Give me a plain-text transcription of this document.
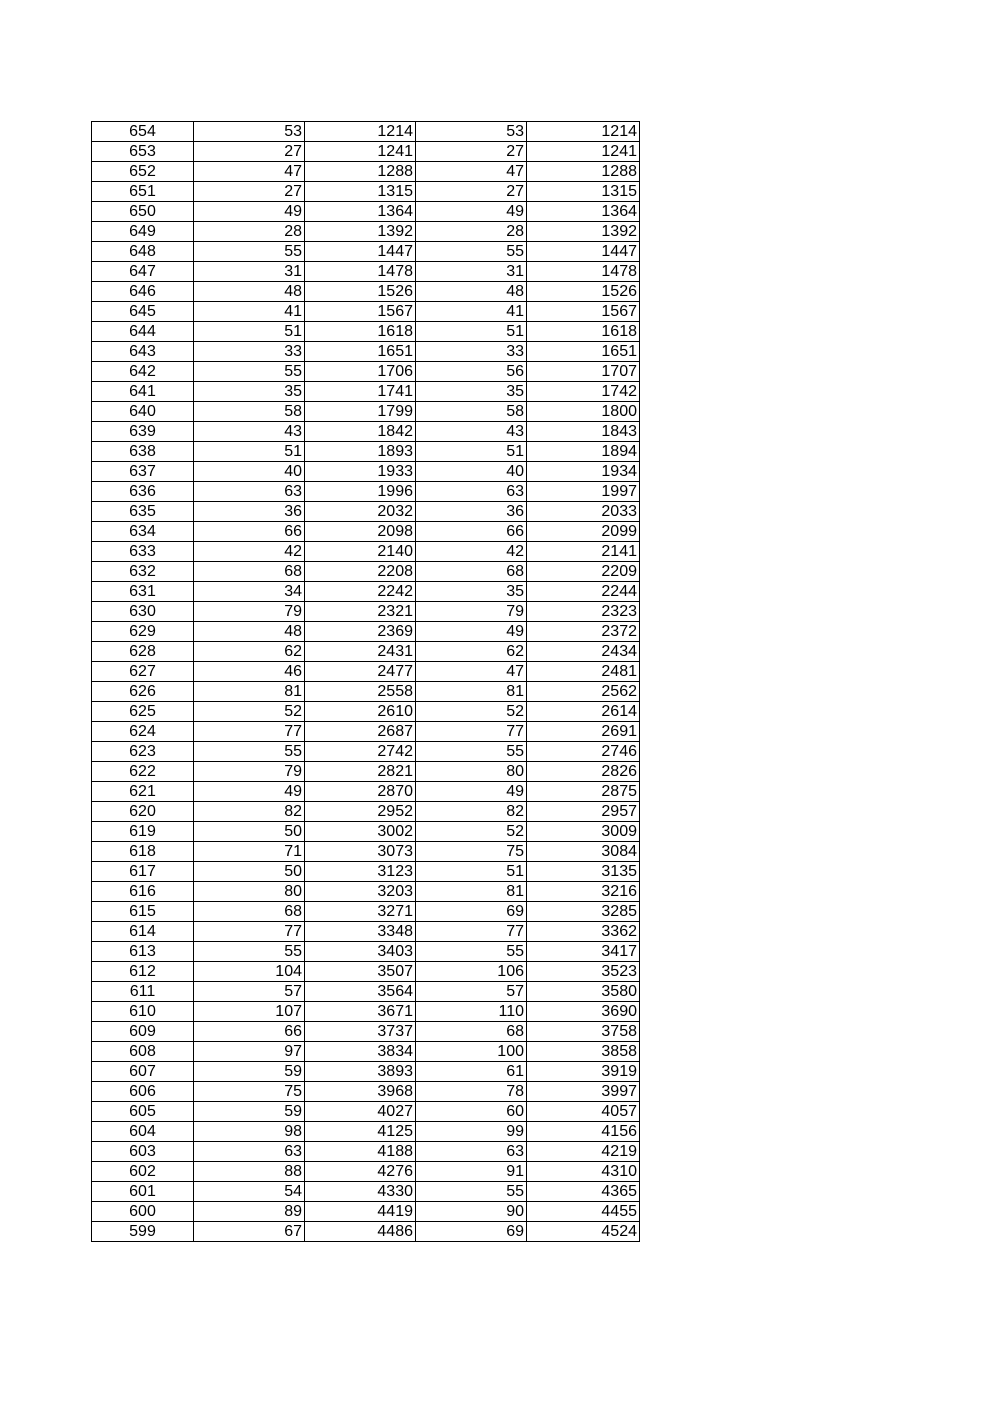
654	53	1214	53	1214
653	27	1241	27	1241
652	47	1288	47	1288
651	27	1315	27	1315
650	49	1364	49	1364
649	28	1392	28	1392
648	55	1447	55	1447
647	31	1478	31	1478
646	48	1526	48	1526
645	41	1567	41	1567
644	51	1618	51	1618
643	33	1651	33	1651
642	55	1706	56	1707
641	35	1741	35	1742
640	58	1799	58	1800
639	43	1842	43	1843
638	51	1893	51	1894
637	40	1933	40	1934
636	63	1996	63	1997
635	36	2032	36	2033
634	66	2098	66	2099
633	42	2140	42	2141
632	68	2208	68	2209
631	34	2242	35	2244
630	79	2321	79	2323
629	48	2369	49	2372
628	62	2431	62	2434
627	46	2477	47	2481
626	81	2558	81	2562
625	52	2610	52	2614
624	77	2687	77	2691
623	55	2742	55	2746
622	79	2821	80	2826
621	49	2870	49	2875
620	82	2952	82	2957
619	50	3002	52	3009
618	71	3073	75	3084
617	50	3123	51	3135
616	80	3203	81	3216
615	68	3271	69	3285
614	77	3348	77	3362
613	55	3403	55	3417
612	104	3507	106	3523
611	57	3564	57	3580
610	107	3671	110	3690
609	66	3737	68	3758
608	97	3834	100	3858
607	59	3893	61	3919
606	75	3968	78	3997
605	59	4027	60	4057
604	98	4125	99	4156
603	63	4188	63	4219
602	88	4276	91	4310
601	54	4330	55	4365
600	89	4419	90	4455
599	67	4486	69	4524
